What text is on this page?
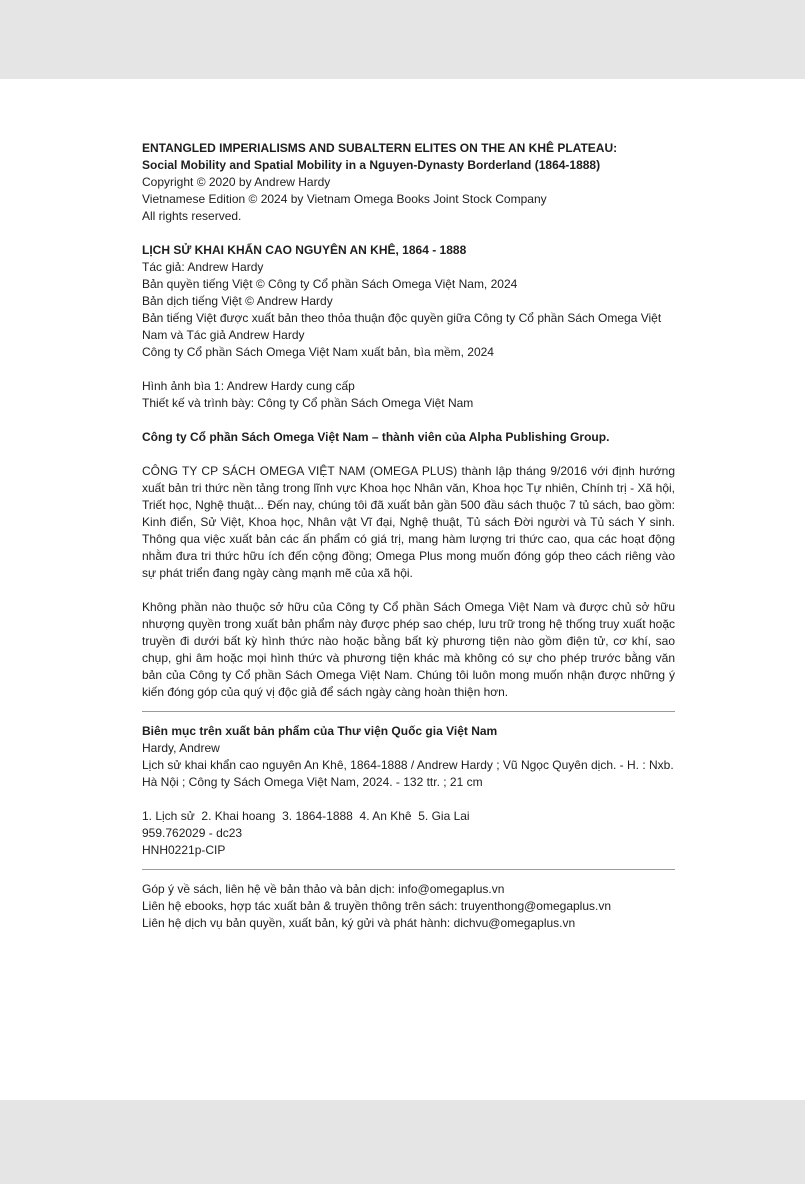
ENTANGLED IMPERIALISMS AND SUBALTERN ELITES ON THE AN KHÊ PLATEAU:
Social Mobility and Spatial Mobility in a Nguyen-Dynasty Borderland (1864-1888)
Copyright © 2020 by Andrew Hardy
Vietnamese Edition © 2024 by Vietnam Omega Books Joint Stock Company
All rights reserved.
LỊCH SỬ KHAI KHẨN CAO NGUYÊN AN KHÊ, 1864 - 1888
Tác giả: Andrew Hardy
Bản quyền tiếng Việt © Công ty Cổ phần Sách Omega Việt Nam, 2024
Bản dịch tiếng Việt © Andrew Hardy
Bản tiếng Việt được xuất bản theo thỏa thuận độc quyền giữa Công ty Cổ phần Sách Omega Việt Nam và Tác giả Andrew Hardy
Công ty Cổ phần Sách Omega Việt Nam xuất bản, bìa mềm, 2024
Hình ảnh bìa 1: Andrew Hardy cung cấp
Thiết kế và trình bày: Công ty Cổ phần Sách Omega Việt Nam
Công ty Cổ phần Sách Omega Việt Nam – thành viên của Alpha Publishing Group.

CÔNG TY CP SÁCH OMEGA VIỆT NAM (OMEGA PLUS) thành lập tháng 9/2016 với định hướng xuất bản tri thức nền tảng trong lĩnh vực Khoa học Nhân văn, Khoa học Tự nhiên, Chính trị - Xã hội, Triết học, Nghệ thuật... Đến nay, chúng tôi đã xuất bản gần 500 đầu sách thuộc 7 tủ sách, bao gồm: Kinh điển, Sử Việt, Khoa học, Nhân vật Vĩ đại, Nghệ thuật, Tủ sách Đời người và Tủ sách Y sinh. Thông qua việc xuất bản các ấn phẩm có giá trị, mang hàm lượng tri thức cao, qua các hoạt động nhằm đưa tri thức hữu ích đến cộng đồng; Omega Plus mong muốn đóng góp theo cách riêng vào sự phát triển đang ngày càng mạnh mẽ của xã hội.

Không phần nào thuộc sở hữu của Công ty Cổ phần Sách Omega Việt Nam và được chủ sở hữu nhượng quyền trong xuất bản phẩm này được phép sao chép, lưu trữ trong hệ thống truy xuất hoặc truyền đi dưới bất kỳ hình thức nào hoặc bằng bất kỳ phương tiện nào gồm điện tử, cơ khí, sao chụp, ghi âm hoặc mọi hình thức và phương tiện khác mà không có sự cho phép trước bằng văn bản của Công ty Cổ phần Sách Omega Việt Nam. Chúng tôi luôn mong muốn nhận được những ý kiến đóng góp của quý vị độc giả để sách ngày càng hoàn thiện hơn.

Biên mục trên xuất bản phẩm của Thư viện Quốc gia Việt Nam
Hardy, Andrew
Lịch sử khai khẩn cao nguyên An Khê, 1864-1888 / Andrew Hardy ; Vũ Ngọc Quyên dịch. - H. : Nxb. Hà Nội ; Công ty Sách Omega Việt Nam, 2024. - 132 ttr. ; 21 cm
1. Lịch sử  2. Khai hoang  3. 1864-1888  4. An Khê  5. Gia Lai
959.762029 - dc23
HNH0221p-CIP
Góp ý về sách, liên hệ về bản thảo và bản dịch: info@omegaplus.vn
Liên hệ ebooks, hợp tác xuất bản & truyền thông trên sách: truyenthong@omegaplus.vn
Liên hệ dịch vụ bản quyền, xuất bản, ký gửi và phát hành: dichvu@omegaplus.vn
